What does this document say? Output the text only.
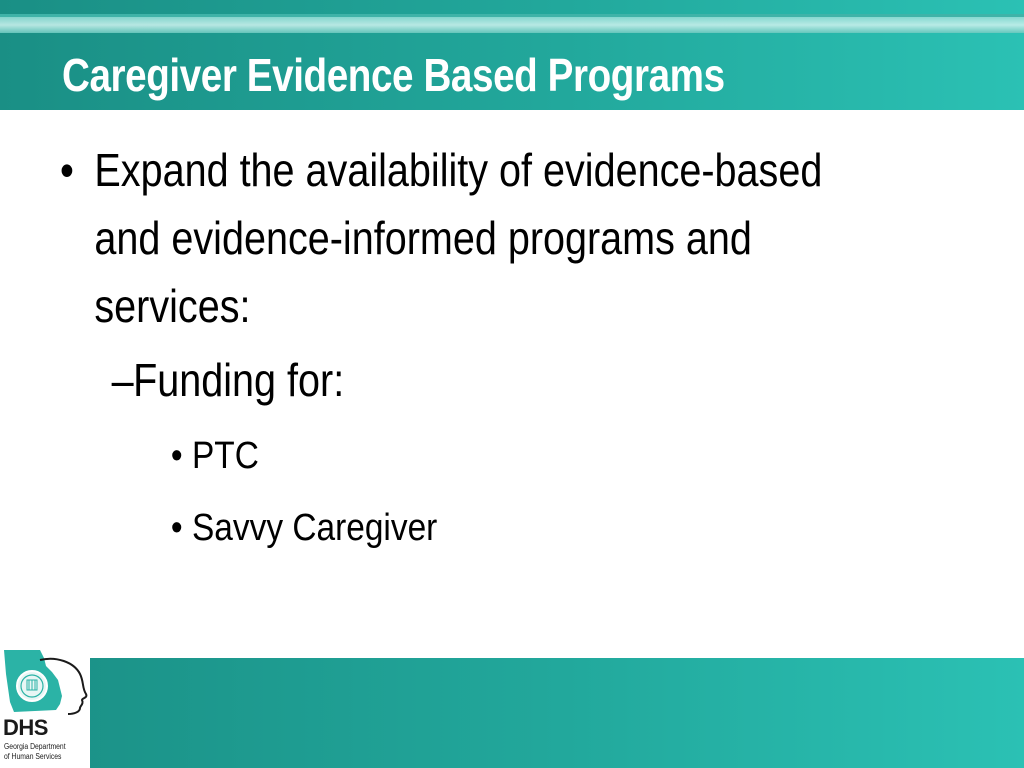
Caregiver Evidence Based Programs
• Expand the availability of evidence-based
and evidence-informed programs and
services:
– Funding for:
• PTC
• Savvy Caregiver
DHS
Georgia Department
of Human Services
